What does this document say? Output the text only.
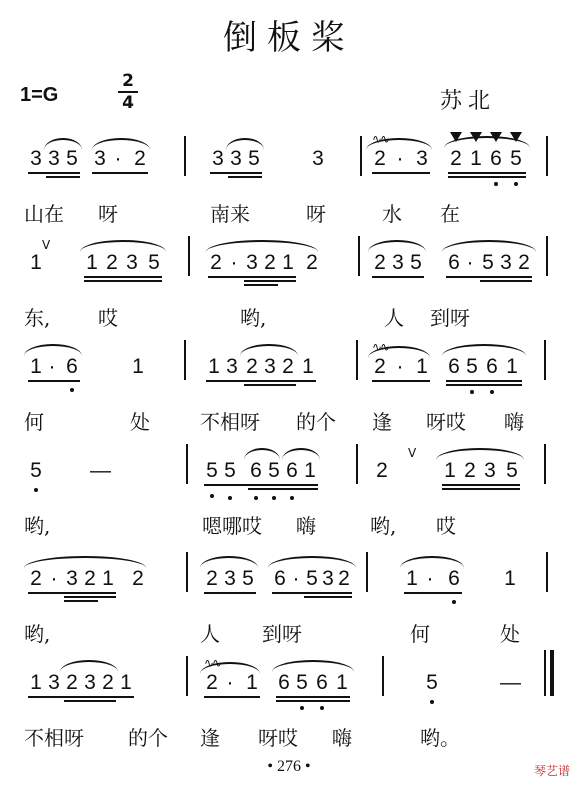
倒板桨
1=G
2
4	苏北
3 3 5 3 · 2	3 3 5 3
∿∿
2 · 3 2 1 6 5
山在 呀	南来	呀	水 在
1
V
1 2 3 5 2 · 3 2 1 2	2 3 5 6 · 5 3 2
东, 哎	哟,	人 到呀
1 · 6	1	1 3 2 3 2 1
∿∿
2 · 1 6 5 6 1
何	处	不相呀 的个 逢 呀哎 嗨
5 —	5 5 6 5 6 1	2
V
1 2 3 5
哟,	嗯哪哎 嗨	哟, 哎
2 · 3 2 1 2	2 3 5 6 · 5 3 2	1 · 6 1
哟,	人 到呀	何	处
1 3 2 3 2 1
∿∿
2 · 1 6 5 6 1	5	—
不相呀 的个 逢 呀哎 嗨	哟。
• 276 •	琴艺谱
